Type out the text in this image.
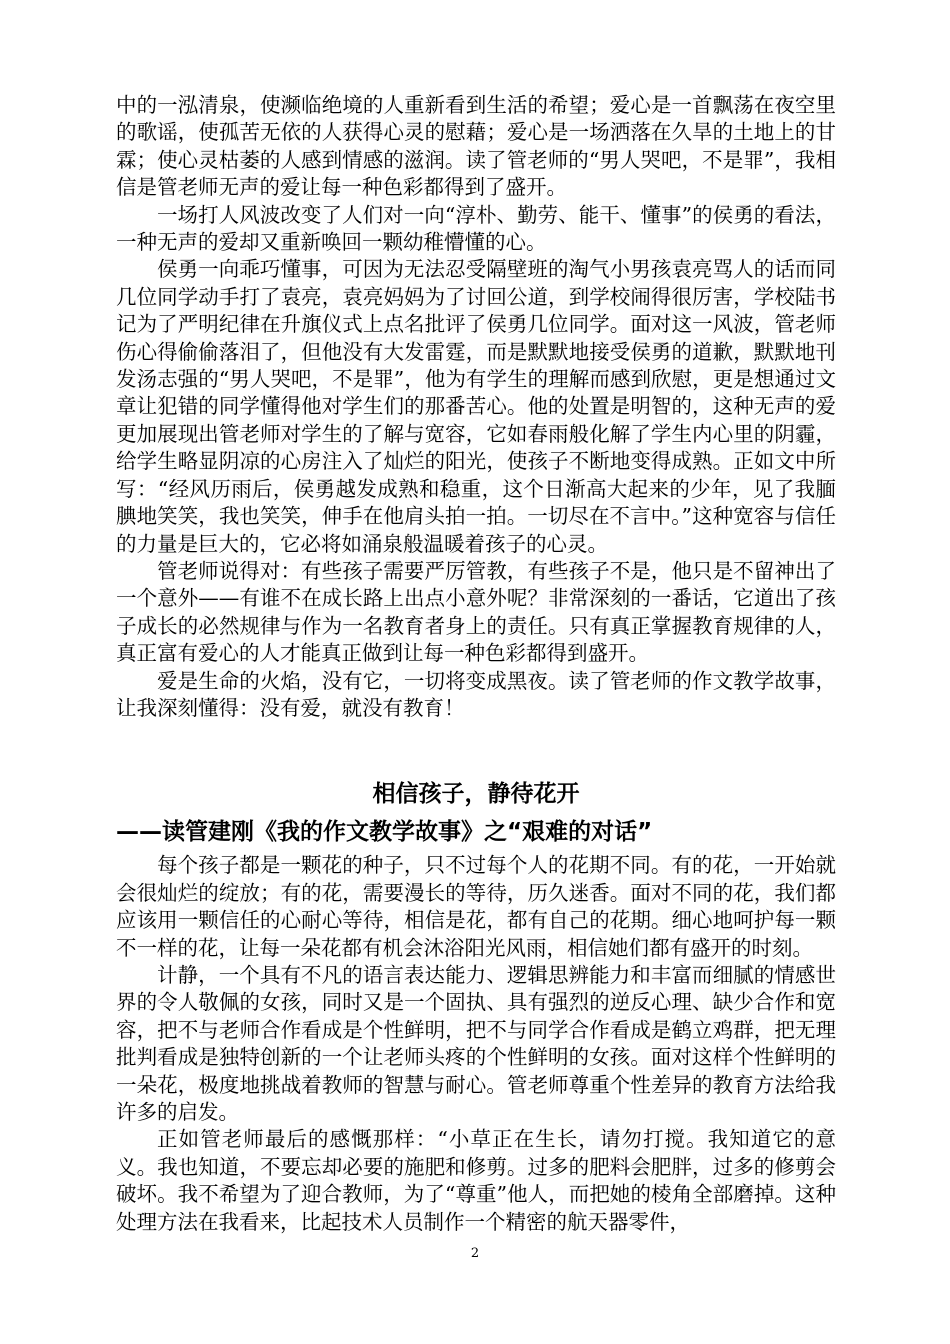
中的一泓清泉，使濒临绝境的人重新看到生活的希望；爱心是一首飘荡在夜空里的歌谣，使孤苦无依的人获得心灵的慰藉；爱心是一场洒落在久旱的土地上的甘霖；使心灵枯萎的人感到情感的滋润。读了管老师的“男人哭吧，不是罪”，我相信是管老师无声的爱让每一种色彩都得到了盛开。

一场打人风波改变了人们对一向“淳朴、勤劳、能干、懂事”的侯勇的看法，一种无声的爱却又重新唤回一颗幼稚懵懂的心。

侯勇一向乖巧懂事，可因为无法忍受隔壁班的淘气小男孩袁亮骂人的话而同几位同学动手打了袁亮，袁亮妈妈为了讨回公道，到学校闹得很厉害，学校陆书记为了严明纪律在升旗仪式上点名批评了侯勇几位同学。面对这一风波，管老师伤心得偷偷落泪了，但他没有大发雷霆，而是默默地接受侯勇的道歉，默默地刊发汤志强的“男人哭吧，不是罪”，他为有学生的理解而感到欣慰，更是想通过文章让犯错的同学懂得他对学生们的那番苦心。他的处置是明智的，这种无声的爱更加展现出管老师对学生的了解与宽容，它如春雨般化解了学生内心里的阴霾，给学生略显阴凉的心房注入了灿烂的阳光，使孩子不断地变得成熟。正如文中所写：“经风历雨后，侯勇越发成熟和稳重，这个日渐高大起来的少年，见了我腼腆地笑笑，我也笑笑，伸手在他肩头拍一拍。一切尽在不言中。”这种宽容与信任的力量是巨大的，它必将如涌泉般温暖着孩子的心灵。

管老师说得对：有些孩子需要严厉管教，有些孩子不是，他只是不留神出了一个意外——有谁不在成长路上出点小意外呢？非常深刻的一番话，它道出了孩子成长的必然规律与作为一名教育者身上的责任。只有真正掌握教育规律的人，真正富有爱心的人才能真正做到让每一种色彩都得到盛开。

爱是生命的火焰，没有它，一切将变成黑夜。读了管老师的作文教学故事，让我深刻懂得：没有爱，就没有教育！

相信孩子，静待花开
——读管建刚《我的作文教学故事》之“艰难的对话”

每个孩子都是一颗花的种子，只不过每个人的花期不同。有的花，一开始就会很灿烂的绽放；有的花，需要漫长的等待，历久迷香。面对不同的花，我们都应该用一颗信任的心耐心等待，相信是花，都有自己的花期。细心地呵护每一颗不一样的花，让每一朵花都有机会沐浴阳光风雨，相信她们都有盛开的时刻。

计静，一个具有不凡的语言表达能力、逻辑思辨能力和丰富而细腻的情感世界的令人敬佩的女孩，同时又是一个固执、具有强烈的逆反心理、缺少合作和宽容，把不与老师合作看成是个性鲜明，把不与同学合作看成是鹤立鸡群，把无理批判看成是独特创新的一个让老师头疼的个性鲜明的女孩。面对这样个性鲜明的一朵花，极度地挑战着教师的智慧与耐心。管老师尊重个性差异的教育方法给我许多的启发。

正如管老师最后的感慨那样：“小草正在生长，请勿打搅。我知道它的意义。我也知道，不要忘却必要的施肥和修剪。过多的肥料会肥胖，过多的修剪会破坏。我不希望为了迎合教师，为了“尊重”他人，而把她的棱角全部磨掉。这种处理方法在我看来，比起技术人员制作一个精密的航天器零件，

2
